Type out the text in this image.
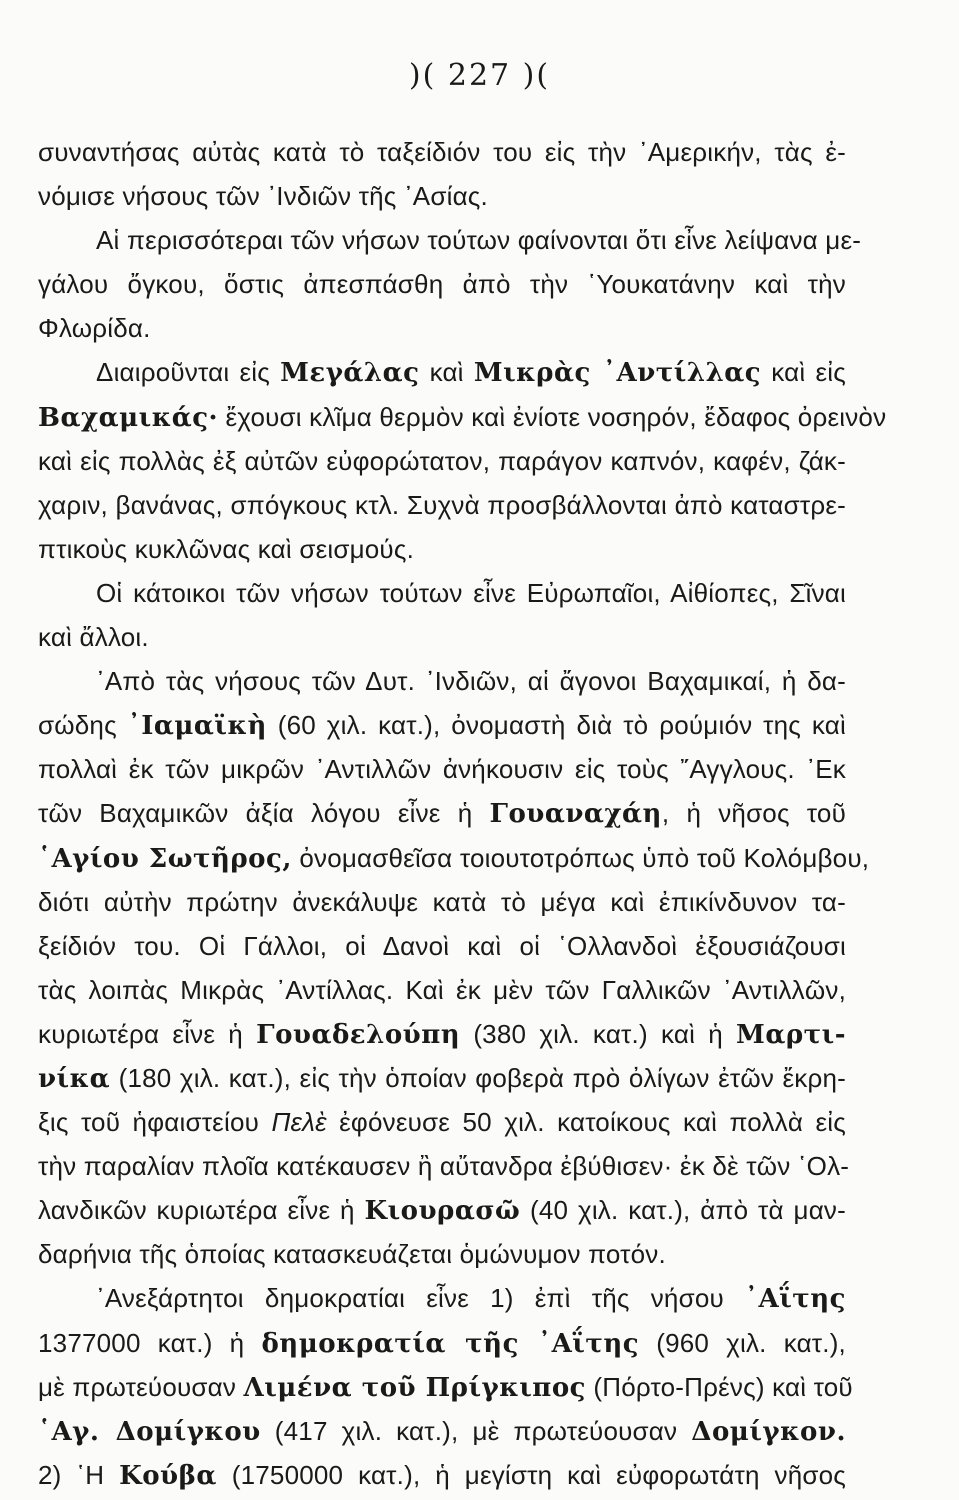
)( 227 )(
συναντήσας αὐτὰς κατὰ τὸ ταξείδιόν του εἰς τὴν ᾿Αμερικήν, τὰς ἐ-
νόμισε νήσους τῶν ᾿Ινδιῶν τῆς ᾿Ασίας.
Αἱ περισσότεραι τῶν νήσων τούτων φαίνονται ὅτι εἶνε λείψανα με-
γάλου ὄγκου, ὅστις ἀπεσπάσθη ἀπὸ τὴν ῾Υουκατάνην καὶ τὴν
Φλωρίδα.
Διαιροῦνται εἰς Μεγάλας καὶ Μικρὰς ᾿Αντίλλας καὶ εἰς
Βαχαμικάς· ἔχουσι κλῖμα θερμὸν καὶ ἐνίοτε νοσηρόν, ἔδαφος ὀρεινὸν
καὶ εἰς πολλὰς ἐξ αὐτῶν εὐφορώτατον, παράγον καπνόν, καφέν, ζάκ-
χαριν, βανάνας, σπόγκους κτλ. Συχνὰ προσβάλλονται ἀπὸ καταστρε-
πτικοὺς κυκλῶνας καὶ σεισμούς.
Οἱ κάτοικοι τῶν νήσων τούτων εἶνε Εὐρωπαῖοι, Αἰθίοπες, Σῖναι
καὶ ἄλλοι.
᾿Απὸ τὰς νήσους τῶν Δυτ. ᾿Ινδιῶν, αἱ ἄγονοι Βαχαμικαί, ἡ δα-
σώδης ᾿Ιαμαϊκὴ (60 χιλ. κατ.), ὀνομαστὴ διὰ τὸ ρούμιόν της καὶ
πολλαὶ ἐκ τῶν μικρῶν ᾿Αντιλλῶν ἀνήκουσιν εἰς τοὺς ῎Αγγλους. ᾿Εκ
τῶν Βαχαμικῶν ἀξία λόγου εἶνε ἡ Γουαναχάη, ἡ νῆσος τοῦ
῾Αγίου Σωτῆρος, ὀνομασθεῖσα τοιουτοτρόπως ὑπὸ τοῦ Κολόμβου,
διότι αὐτὴν πρώτην ἀνεκάλυψε κατὰ τὸ μέγα καὶ ἐπικίνδυνον τα-
ξείδιόν του. Οἱ Γάλλοι, οἱ Δανοὶ καὶ οἱ ῾Ολλανδοὶ ἐξουσιάζουσι
τὰς λοιπὰς Μικρὰς ᾿Αντίλλας. Καὶ ἐκ μὲν τῶν Γαλλικῶν ᾿Αντιλλῶν,
κυριωτέρα εἶνε ἡ Γουαδελούπη (380 χιλ. κατ.) καὶ ἡ Μαρτι-
νίκα (180 χιλ. κατ.), εἰς τὴν ὁποίαν φοβερὰ πρὸ ὀλίγων ἐτῶν ἔκρη-
ξις τοῦ ἡφαιστείου Πελὲ ἐφόνευσε 50 χιλ. κατοίκους καὶ πολλὰ εἰς
τὴν παραλίαν πλοῖα κατέκαυσεν ἢ αὔτανδρα ἐβύθισεν· ἐκ δὲ τῶν ῾Ολ-
λανδικῶν κυριωτέρα εἶνε ἡ Κιουρασῶ (40 χιλ. κατ.), ἀπὸ τὰ μαν-
δαρήνια τῆς ὁποίας κατασκευάζεται ὁμώνυμον ποτόν.
᾿Ανεξάρτητοι δημοκρατίαι εἶνε 1) ἐπὶ τῆς νήσου ᾿Αΐτης
1377000 κατ.) ἡ δημοκρατία τῆς ᾿Αΐτης (960 χιλ. κατ.),
μὲ πρωτεύουσαν Λιμένα τοῦ Πρίγκιπος (Πόρτο-Πρένς) καὶ τοῦ
῾Αγ. Δομίγκου (417 χιλ. κατ.), μὲ πρωτεύουσαν Δομίγκον.
2) ῾Η Κούβα (1750000 κατ.), ἡ μεγίστη καὶ εὐφορωτάτη νῆσος
